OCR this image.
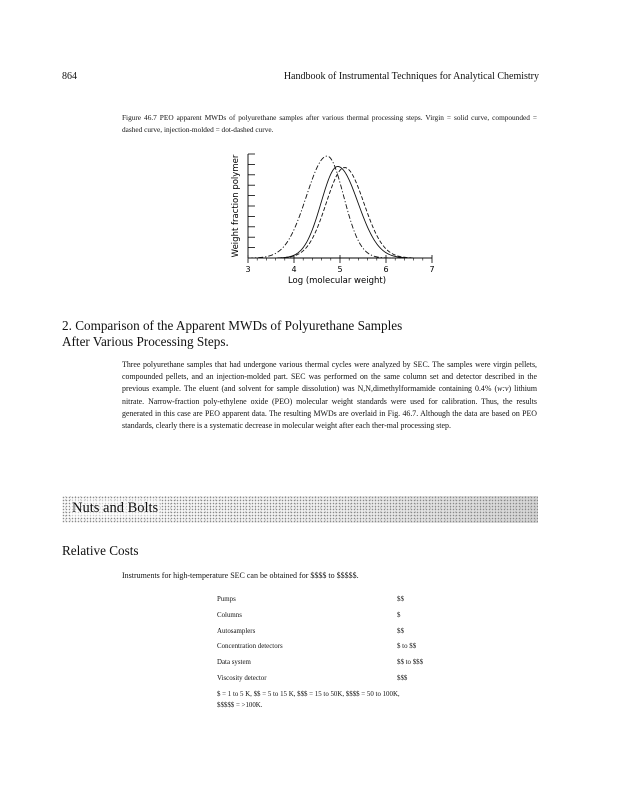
864	Handbook of Instrumental Techniques for Analytical Chemistry
Figure 46.7 PEO apparent MWDs of polyurethane samples after various thermal processing steps. Virgin = solid curve, compounded = dashed curve, injection-molded = dot-dashed curve.
3	4	5	6	7
Weight fraction polymer
Log (molecular weight)
2. Comparison of the Apparent MWDs of Polyurethane Samples
After Various Processing Steps.
Three polyurethane samples that had undergone various thermal cycles were analyzed by SEC. The samples were virgin pellets, compounded pellets, and an injection-molded part. SEC was performed on the same column set and detector described in the previous example. The eluent (and solvent for sample dissolution) was N,N,dimethylformamide containing 0.4% (w:v) lithium nitrate. Narrow-fraction poly-ethylene oxide (PEO) molecular weight standards were used for calibration. Thus, the results generated in this case are PEO apparent data. The resulting MWDs are overlaid in Fig. 46.7. Although the data are based on PEO standards, clearly there is a systematic decrease in molecular weight after each ther-mal processing step.
Nuts and Bolts
Relative Costs
Instruments for high-temperature SEC can be obtained for $$$$ to $$$$$.
Pumps	$$
Columns	$
Autosamplers	$$
Concentration detectors	$ to $$
Data system	$$ to $$$
Viscosity detector	$$$
$ = 1 to 5 K, $$ = 5 to 15 K, $$$ = 15 to 50K, $$$$ = 50 to 100K,
$$$$$ = >100K.
